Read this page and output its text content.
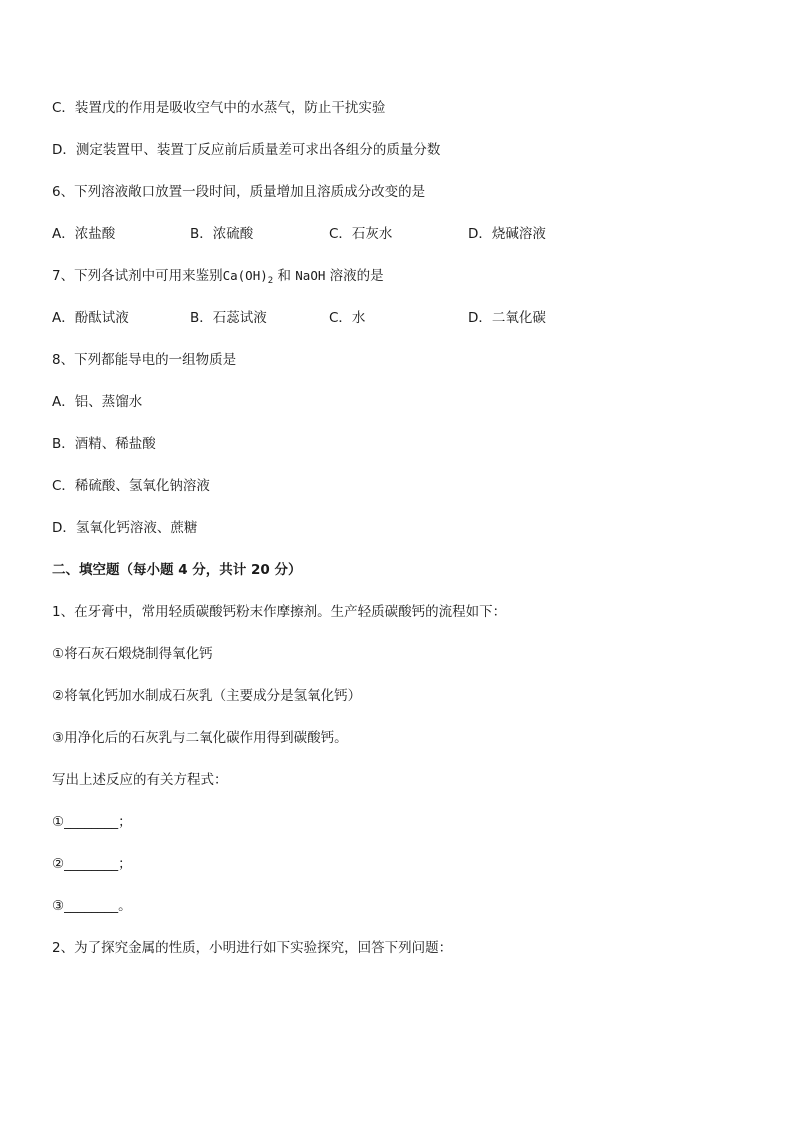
C．装置戊的作用是吸收空气中的水蒸气，防止干扰实验
D．测定装置甲、装置丁反应前后质量差可求出各组分的质量分数
6、下列溶液敞口放置一段时间，质量增加且溶质成分改变的是
A．浓盐酸	B．浓硫酸	C．石灰水	D．烧碱溶液
7、下列各试剂中可用来鉴别$Ca(OH)_2$ 和 NaOH 溶液的是
A．酚酞试液	B．石蕊试液	C．水	D．二氧化碳
8、下列都能导电的一组物质是
A．铝、蒸馏水
B．酒精、稀盐酸
C．稀硫酸、氢氧化钠溶液
D．氢氧化钙溶液、蔗糖
二、填空题（每小题 4 分，共计 20 分）
1、在牙膏中，常用轻质碳酸钙粉末作摩擦剂。生产轻质碳酸钙的流程如下：
①将石灰石煅烧制得氧化钙
②将氧化钙加水制成石灰乳（主要成分是氢氧化钙）
③用净化后的石灰乳与二氧化碳作用得到碳酸钙。
写出上述反应的有关方程式：
①________；
②________；
③________。
2、为了探究金属的性质，小明进行如下实验探究，回答下列问题：
